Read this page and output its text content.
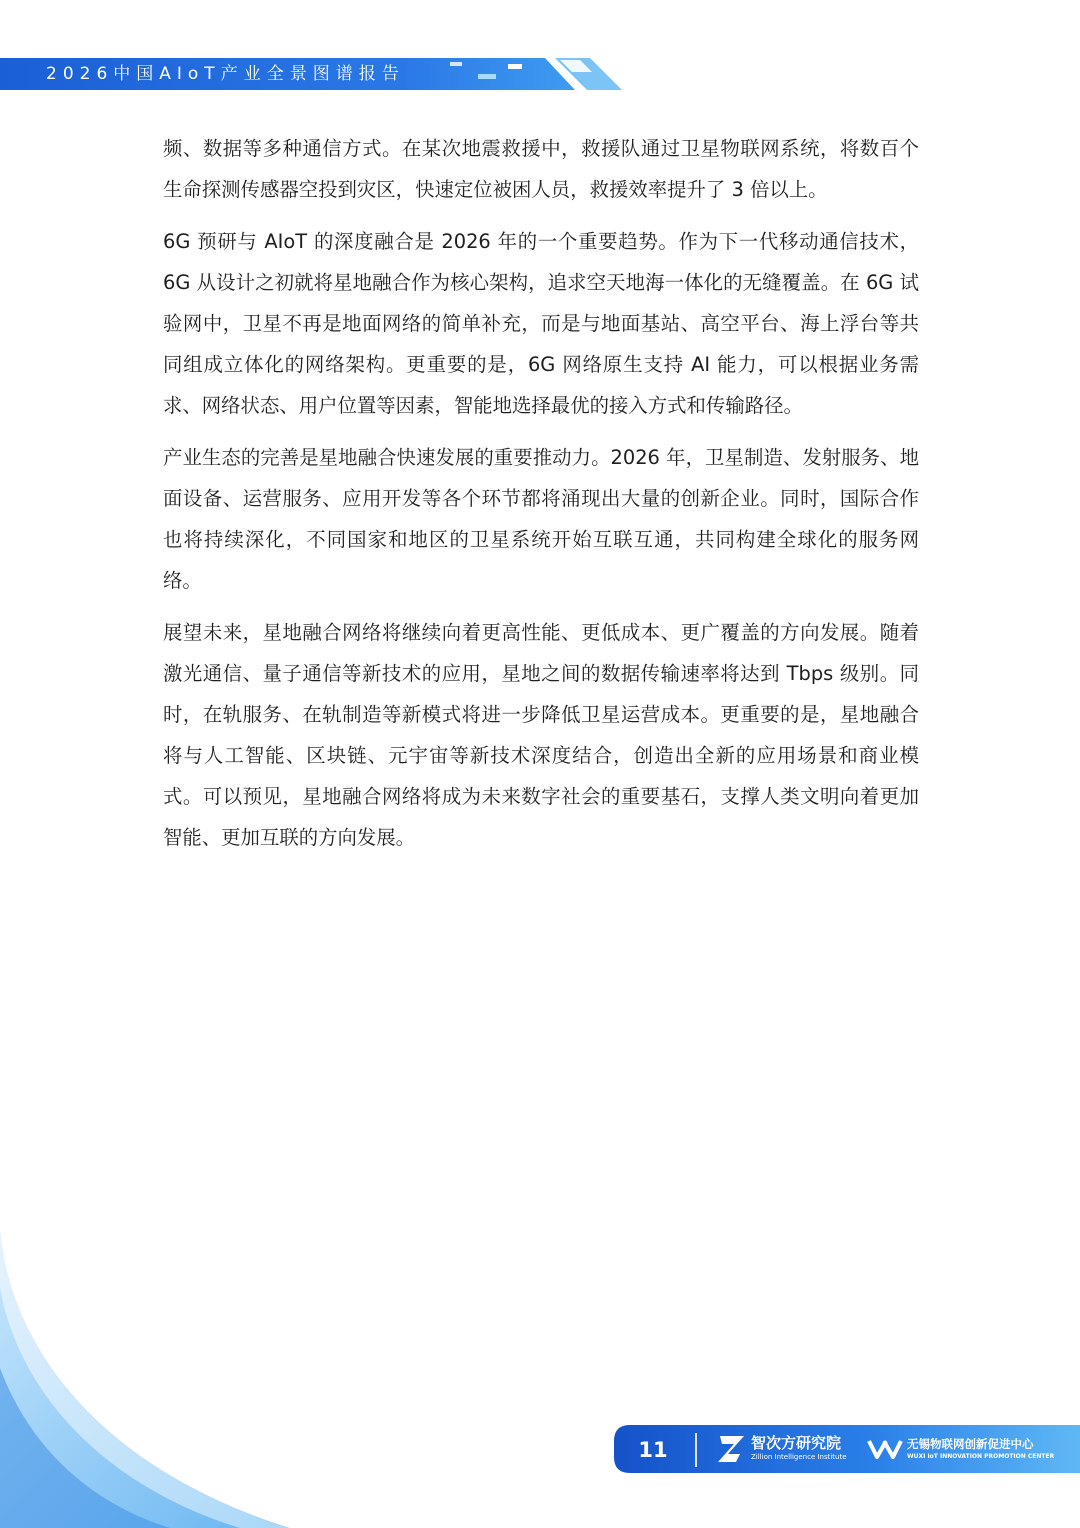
2026中国AIoT产业全景图谱报告

频、数据等多种通信方式。在某次地震救援中，救援队通过卫星物联网系统，将数百个生命探测传感器空投到灾区，快速定位被困人员，救援效率提升了 3 倍以上。

6G 预研与 AIoT 的深度融合是 2026 年的一个重要趋势。作为下一代移动通信技术，6G 从设计之初就将星地融合作为核心架构，追求空天地海一体化的无缝覆盖。在 6G 试验网中，卫星不再是地面网络的简单补充，而是与地面基站、高空平台、海上浮台等共同组成立体化的网络架构。更重要的是，6G 网络原生支持 AI 能力，可以根据业务需求、网络状态、用户位置等因素，智能地选择最优的接入方式和传输路径。

产业生态的完善是星地融合快速发展的重要推动力。2026 年，卫星制造、发射服务、地面设备、运营服务、应用开发等各个环节都将涌现出大量的创新企业。同时，国际合作也将持续深化，不同国家和地区的卫星系统开始互联互通，共同构建全球化的服务网络。

展望未来，星地融合网络将继续向着更高性能、更低成本、更广覆盖的方向发展。随着激光通信、量子通信等新技术的应用，星地之间的数据传输速率将达到 Tbps 级别。同时，在轨服务、在轨制造等新模式将进一步降低卫星运营成本。更重要的是，星地融合将与人工智能、区块链、元宇宙等新技术深度结合，创造出全新的应用场景和商业模式。可以预见，星地融合网络将成为未来数字社会的重要基石，支撑人类文明向着更加智能、更加互联的方向发展。

11	智次方研究院
Zillion Intelligence Institute
无锡物联网创新促进中心
WUXI IoT INNOVATION PROMOTION CENTER
